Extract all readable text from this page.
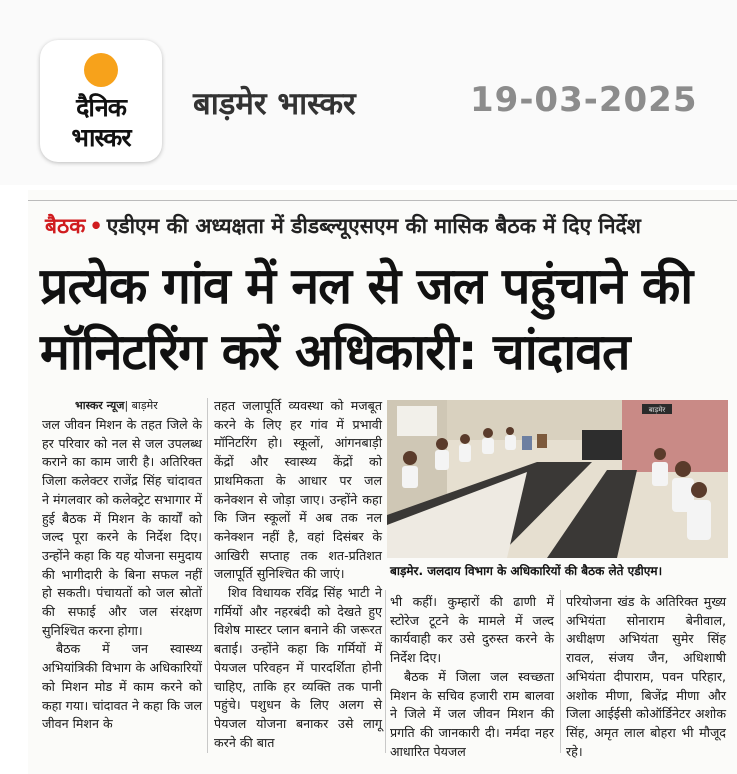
दैनिक
भास्कर
बाड़मेर भास्कर	19-03-2025
बैठक • एडीएम की अध्यक्षता में डीडब्ल्यूएसएम की मासिक बैठक में दिए निर्देश
प्रत्येक गांव में नल से जल पहुंचाने की
मॉनिटरिंग करें अधिकारी: चांदावत
भास्कर न्यूज| बाड़मेर

जल जीवन मिशन के तहत जिले के हर परिवार को नल से जल उपलब्ध कराने का काम जारी है। अतिरिक्त जिला कलेक्टर राजेंद्र सिंह चांदावत ने मंगलवार को कलेक्ट्रेट सभागार में हुई बैठक में मिशन के कार्यों को जल्द पूरा करने के निर्देश दिए। उन्होंने कहा कि यह योजना समुदाय की भागीदारी के बिना सफल नहीं हो सकती। पंचायतों को जल स्रोतों की सफाई और जल संरक्षण सुनिश्चित करना होगा।

बैठक में जन स्वास्थ्य अभियांत्रिकी विभाग के अधिकारियों को मिशन मोड में काम करने को कहा गया। चांदावत ने कहा कि जल जीवन मिशन के

तहत जलापूर्ति व्यवस्था को मजबूत करने के लिए हर गांव में प्रभावी मॉनिटरिंग हो। स्कूलों, आंगनबाड़ी केंद्रों और स्वास्थ्य केंद्रों को प्राथमिकता के आधार पर जल कनेक्शन से जोड़ा जाए। उन्होंने कहा कि जिन स्कूलों में अब तक नल कनेक्शन नहीं है, वहां दिसंबर के आखिरी सप्ताह तक शत-प्रतिशत जलापूर्ति सुनिश्चित की जाएं।

शिव विधायक रविंद्र सिंह भाटी ने गर्मियों और नहरबंदी को देखते हुए विशेष मास्टर प्लान बनाने की जरूरत बताई। उन्होंने कहा कि गर्मियों में पेयजल परिवहन में पारदर्शिता होनी चाहिए, ताकि हर व्यक्ति तक पानी पहुंचे। पशुधन के लिए अलग से पेयजल योजना बनाकर उसे लागू करने की बात

बाड़मेर
बाड़मेर. जलदाय विभाग के अधिकारियों की बैठक लेते एडीएम।

भी कहीं। कुम्हारों की ढाणी में स्टोरेज टूटने के मामले में जल्द कार्यवाही कर उसे दुरुस्त करने के निर्देश दिए।

बैठक में जिला जल स्वच्छता मिशन के सचिव हजारी राम बालवा ने जिले में जल जीवन मिशन की प्रगति की जानकारी दी। नर्मदा नहर आधारित पेयजल

परियोजना खंड के अतिरिक्त मुख्य अभियंता सोनाराम बेनीवाल, अधीक्षण अभियंता सुमेर सिंह रावल, संजय जैन, अधिशाषी अभियंता दीपाराम, पवन परिहार, अशोक मीणा, बिजेंद्र मीणा और जिला आईईसी कोऑर्डिनेटर अशोक सिंह, अमृत लाल बोहरा भी मौजूद रहे।
